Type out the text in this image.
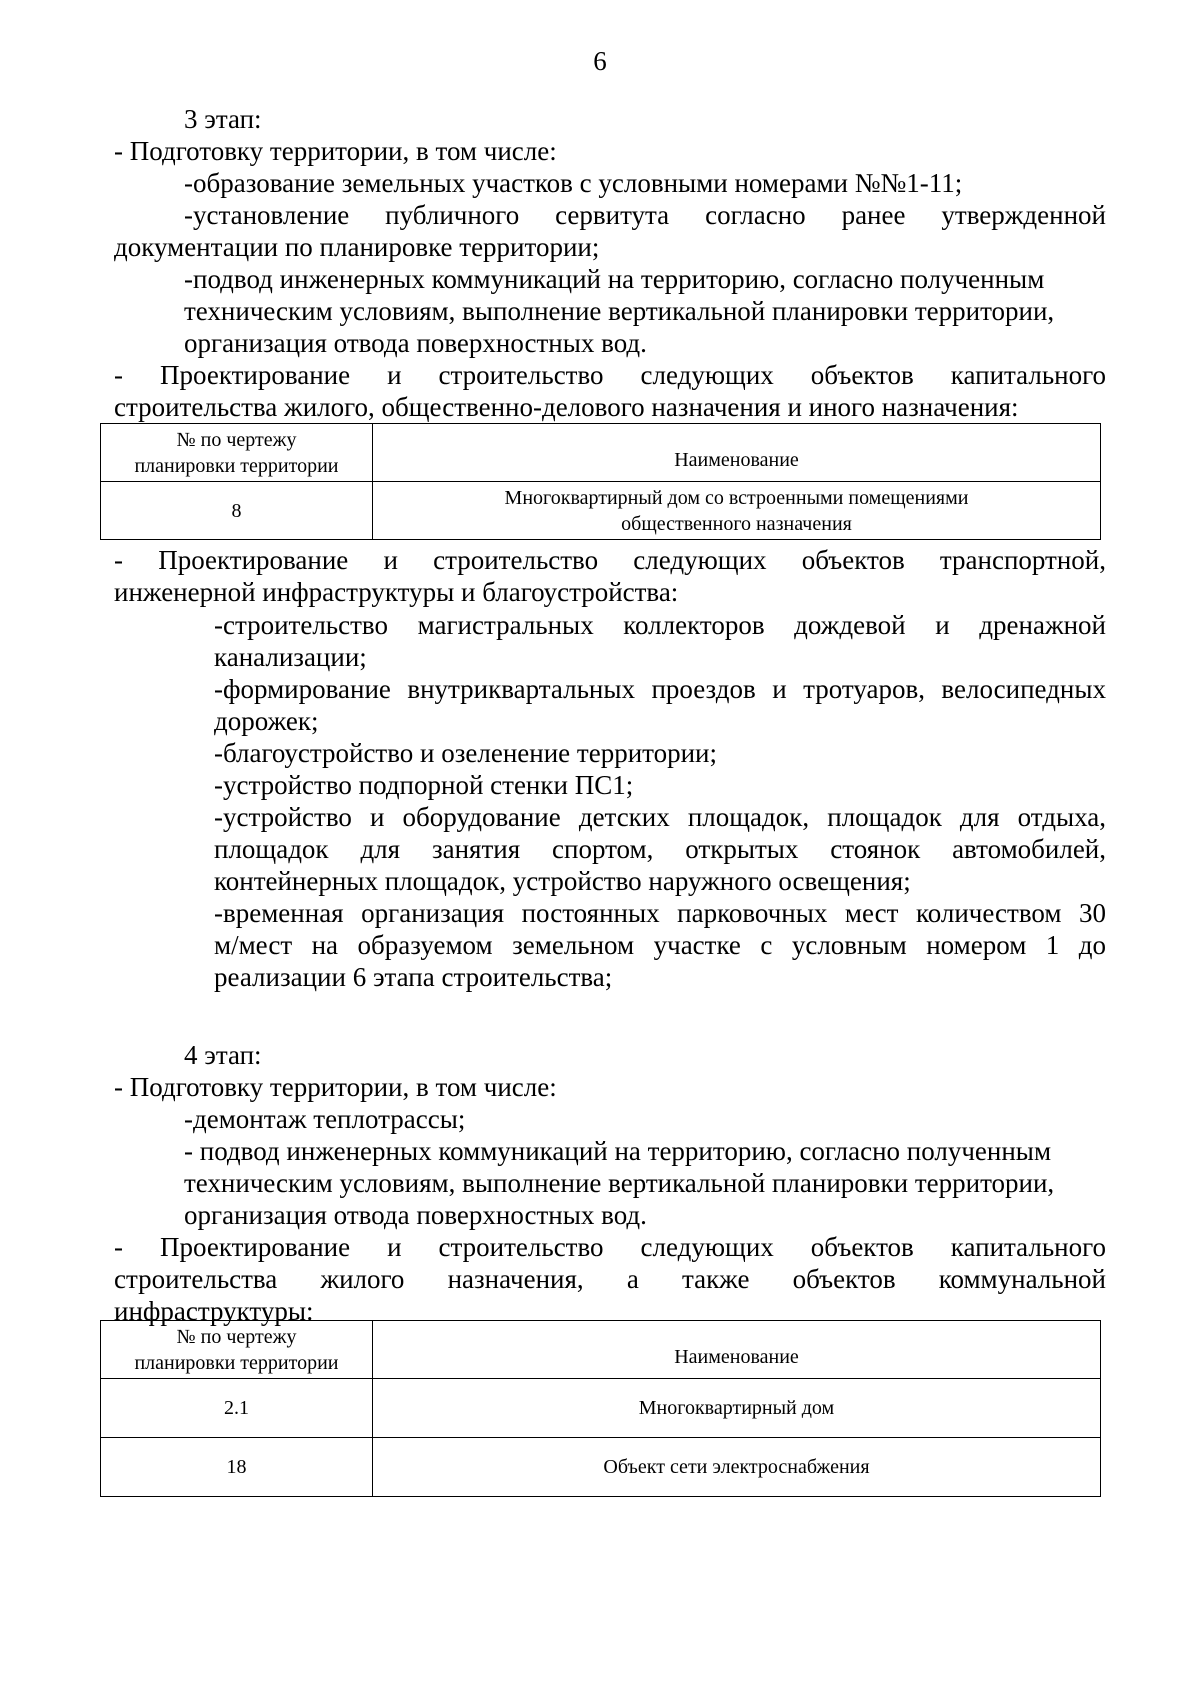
6
3 этап:
- Подготовку территории, в том числе:
-образование земельных участков с условными номерами №№1-11;
-установление публичного сервитута согласно ранее утвержденной
документации по планировке территории;
-подвод инженерных коммуникаций на территорию, согласно полученным
техническим условиям, выполнение вертикальной планировки территории,
организация отвода поверхностных вод.
- Проектирование и строительство следующих объектов капитального
строительства жилого, общественно-делового назначения и иного назначения:
№ по чертежу
планировки территории	Наименование
8	Многоквартирный дом со встроенными помещениями
общественного назначения
- Проектирование и строительство следующих объектов транспортной,
инженерной инфраструктуры и благоустройства:
-строительство магистральных коллекторов дождевой и дренажной
канализации;
-формирование внутриквартальных проездов и тротуаров, велосипедных
дорожек;
-благоустройство и озеленение территории;
-устройство подпорной стенки ПС1;
-устройство и оборудование детских площадок, площадок для отдыха,
площадок для занятия спортом, открытых стоянок автомобилей,
контейнерных площадок, устройство наружного освещения;
-временная организация постоянных парковочных мест количеством 30
м/мест на образуемом земельном участке с условным номером 1 до
реализации 6 этапа строительства;
4 этап:
- Подготовку территории, в том числе:
-демонтаж теплотрассы;
- подвод инженерных коммуникаций на территорию, согласно полученным
техническим условиям, выполнение вертикальной планировки территории,
организация отвода поверхностных вод.
- Проектирование и строительство следующих объектов капитального
строительства жилого назначения, а также объектов коммунальной
инфраструктуры:
№ по чертежу
планировки территории	Наименование
2.1	Многоквартирный дом
18	Объект сети электроснабжения
